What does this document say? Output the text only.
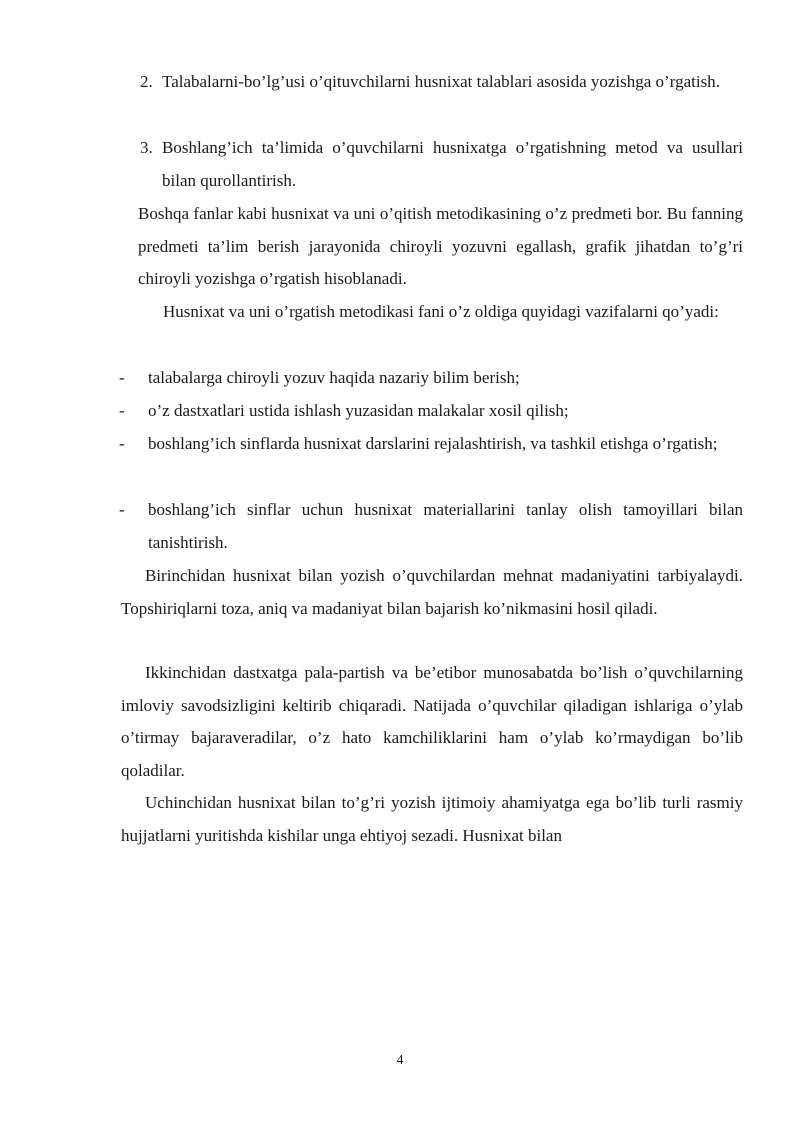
2. Talabalarni-bo’lg’usi o’qituvchilarni husnixat talablari asosida yozishga o’rgatish.

3. Boshlang’ich ta’limida o’quvchilarni husnixatga o’rgatishning metod va usullari bilan qurollantirish.

Boshqa fanlar kabi husnixat va uni o’qitish metodikasining o’z predmeti bor. Bu fanning predmeti ta’lim berish jarayonida chiroyli yozuvni egallash, grafik jihatdan to’g’ri chiroyli yozishga o’rgatish hisoblanadi.

Husnixat va uni o’rgatish metodikasi fani o’z oldiga quyidagi vazifalarni qo’yadi:

- talabalarga chiroyli yozuv haqida nazariy bilim berish;

- o’z dastxatlari ustida ishlash yuzasidan malakalar xosil qilish;

- boshlang’ich sinflarda husnixat darslarini rejalashtirish, va tashkil etishga o’rgatish;

- boshlang’ich sinflar uchun husnixat materiallarini tanlay olish tamoyillari bilan tanishtirish.

Birinchidan husnixat bilan yozish o’quvchilardan mehnat madaniyatini tarbiyalaydi. Topshiriqlarni toza, aniq va madaniyat bilan bajarish ko’nikmasini hosil qiladi.

Ikkinchidan dastxatga pala-partish va be’etibor munosabatda bo’lish o’quvchilarning imloviy savodsizligini keltirib chiqaradi. Natijada o’quvchilar qiladigan ishlariga o’ylab o’tirmay bajaraveradilar, o’z hato kamchiliklarini ham o’ylab ko’rmaydigan bo’lib qoladilar.

Uchinchidan husnixat bilan to’g’ri yozish ijtimoiy ahamiyatga ega bo’lib turli rasmiy hujjatlarni yuritishda kishilar unga ehtiyoj sezadi. Husnixat bilan

4
